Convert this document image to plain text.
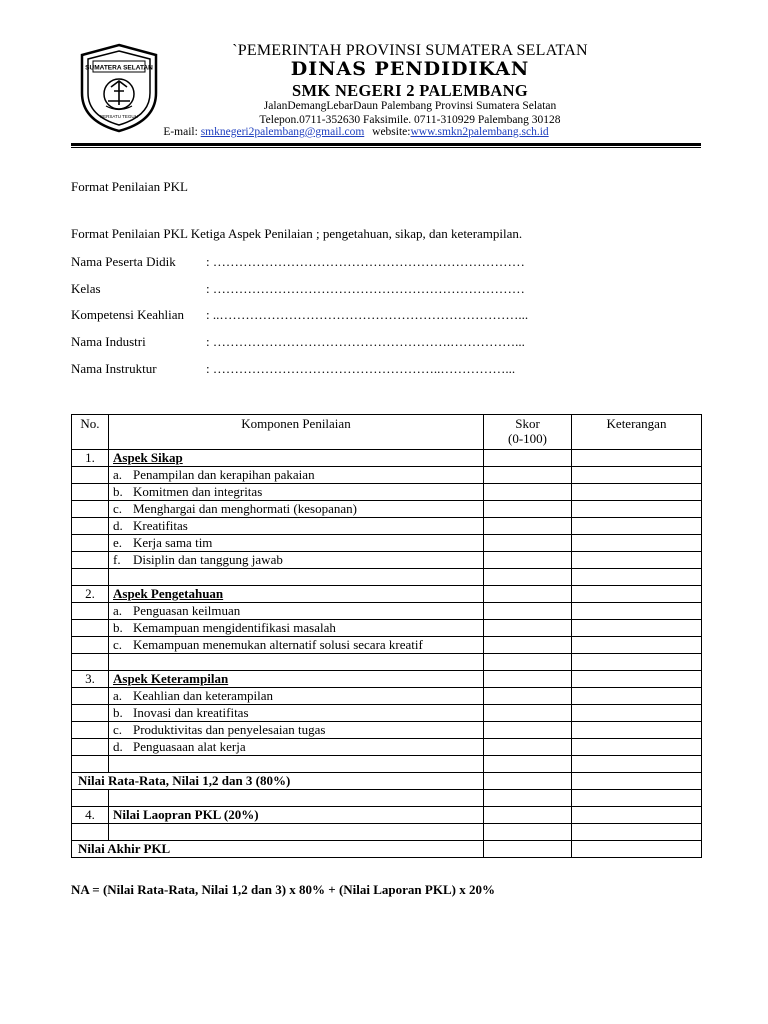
SUMATERA SELATAN
BERSATU TEGUH
`PEMERINTAH PROVINSI SUMATERA SELATAN
DINAS PENDIDIKAN
SMK NEGERI 2 PALEMBANG
JalanDemangLebarDaun Palembang Provinsi Sumatera Selatan
Telepon.0711-352630 Faksimile. 0711-310929 Palembang 30128
E-mail: smknegeri2palembang@gmail.com website:www.smkn2palembang.sch.id
Format Penilaian PKL
Format Penilaian PKL Ketiga Aspek Penilaian ; pengetahuan, sikap, dan keterampilan.
Nama Peserta Didik : ………………………………………………………………
Kelas	: ………………………………………………………………
Kompetensi Keahlian : ..……………………………………………………………...
Nama Industri	: ……………………………………………….……………...
Nama Instruktur	: ……………………………………………..……………...
No.	Komponen Penilaian	Skor
(0-100)	Keterangan
1.	Aspek Sikap		
	a. Penampilan dan kerapihan pakaian		
	b. Komitmen dan integritas		
	c. Menghargai dan menghormati (kesopanan)		
	d. Kreatifitas		
	e. Kerja sama tim		
	f. Disiplin dan tanggung jawab		

2.	Aspek Pengetahuan		
	a. Penguasan keilmuan		
	b. Kemampuan mengidentifikasi masalah		
	c. Kemampuan menemukan alternatif solusi secara kreatif		

3.	Aspek Keterampilan		
	a. Keahlian dan keterampilan		
	b. Inovasi dan kreatifitas		
	c. Produktivitas dan penyelesaian tugas		
	d. Penguasaan alat kerja		

Nilai Rata-Rata, Nilai 1,2 dan 3 (80%)			

4.	Nilai Laopran PKL (20%)		

Nilai Akhir PKL			
NA = (Nilai Rata-Rata, Nilai 1,2 dan 3) x 80% + (Nilai Laporan PKL) x 20%
